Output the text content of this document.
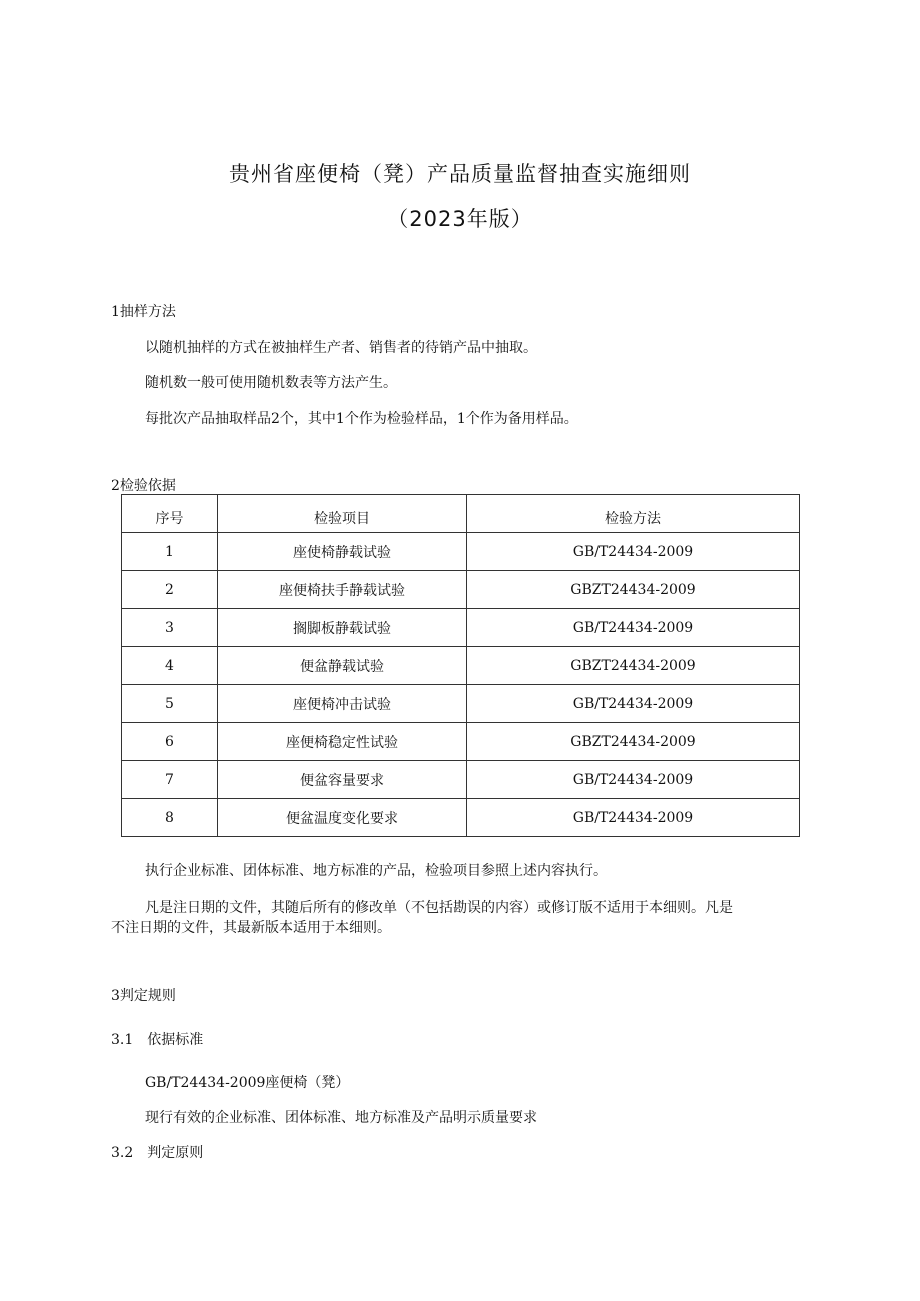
贵州省座便椅（凳）产品质量监督抽查实施细则
（2023年版）
1抽样方法
以随机抽样的方式在被抽样生产者、销售者的待销产品中抽取。
随机数一般可使用随机数表等方法产生。
每批次产品抽取样品2个，其中1个作为检验样品，1个作为备用样品。
2检验依据
序号	检验项目	检验方法
1	座使椅静载试验	GB/T24434-2009
2	座便椅扶手静载试验	GBZT24434-2009
3	搁脚板静载试验	GB/T24434-2009
4	便盆静载试验	GBZT24434-2009
5	座便椅冲击试验	GB/T24434-2009
6	座便椅稳定性试验	GBZT24434-2009
7	便盆容量要求	GB/T24434-2009
8	便盆温度变化要求	GB/T24434-2009
执行企业标准、团体标准、地方标准的产品，检验项目参照上述内容执行。
凡是注日期的文件，其随后所有的修改单（不包括勘误的内容）或修订版不适用于本细则。凡是
不注日期的文件，其最新版本适用于本细则。
3判定规则
3.1　依据标准
GB/T24434-2009座便椅（凳）
现行有效的企业标准、团体标准、地方标准及产品明示质量要求
3.2　判定原则
